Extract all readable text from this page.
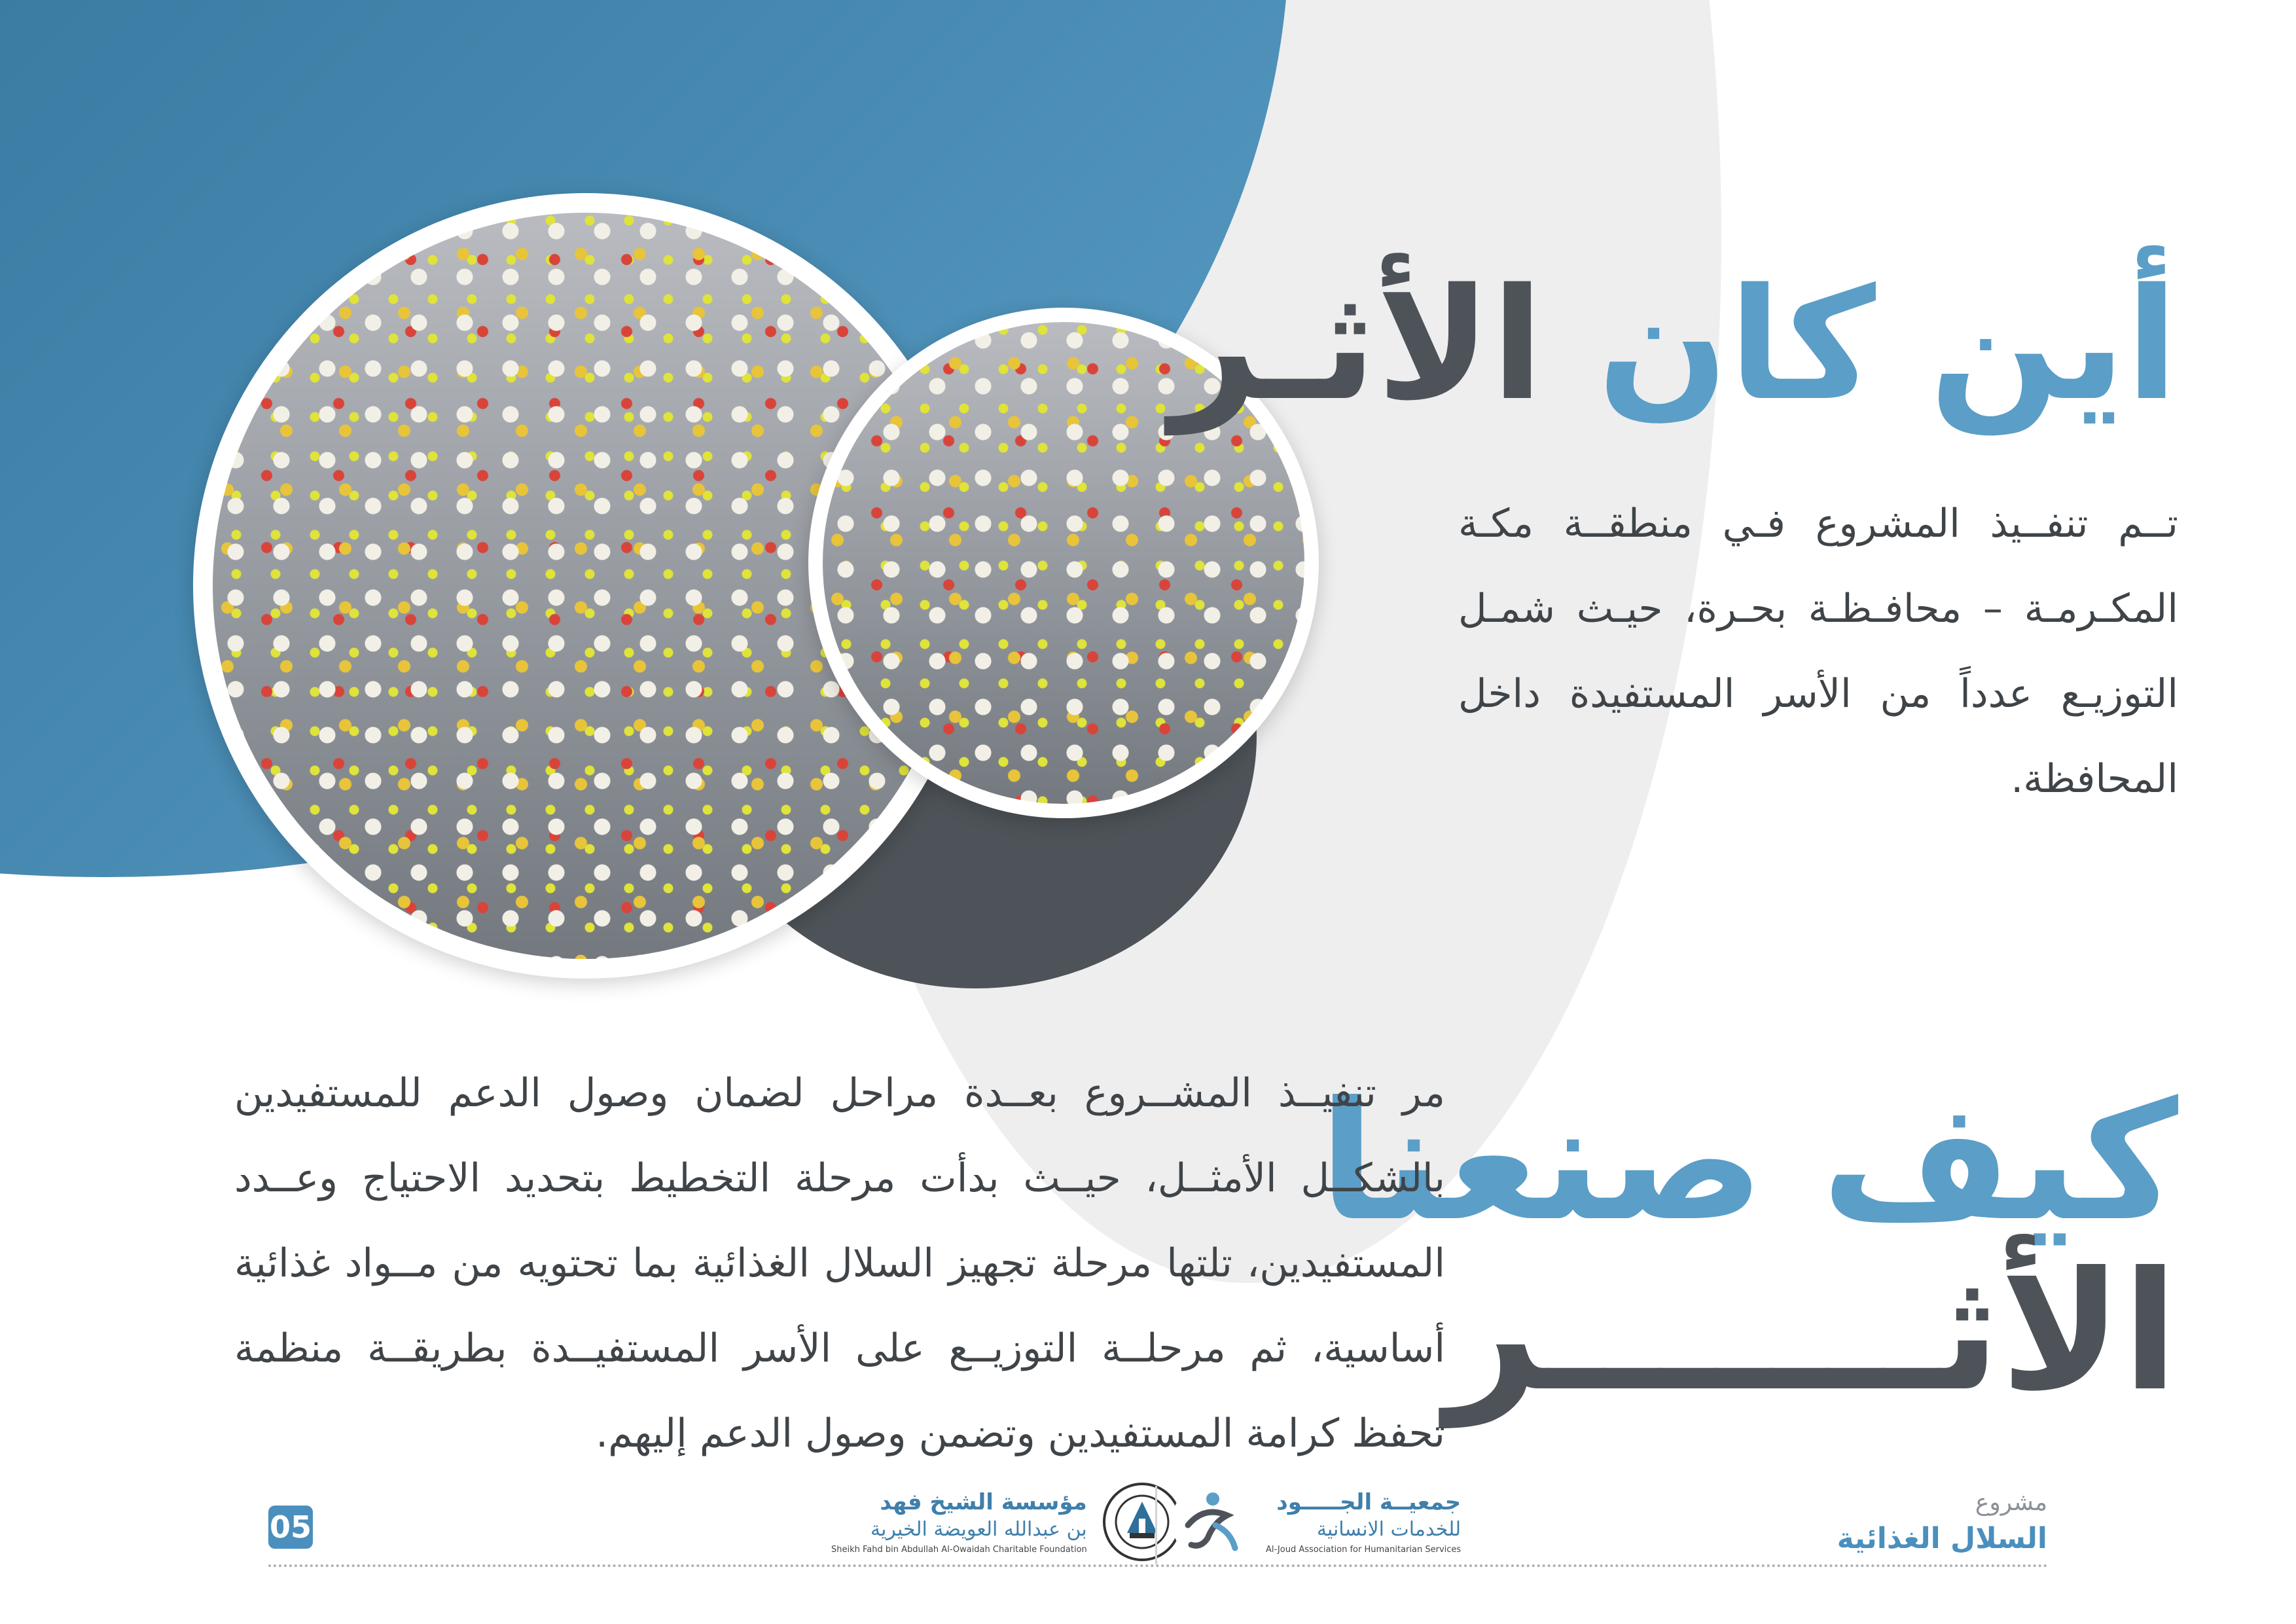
أين كان الأثـر

تــم تنفــيذ المشروع فـي منطقــة مكـة المكـرمـة – محافـظـة بحـرة، حيـث شمـل التوزيـع عدداً من الأسر المستفيدة داخل المحافظة.

كيف صنعنا
الأثـــــــر

مر تنفيــذ المشــروع بعــدة مراحل لضمان وصول الدعم للمستفيدين بالشكــل الأمثــل، حيــث بدأت مرحلة التخطيط بتحديد الاحتياج وعــدد المستفيدين، تلتها مرحلة تجهيز السلال الغذائية بما تحتويه من مــواد غذائية أساسية، ثم مرحلــة التوزيــع على الأسر المستفيــدة بطريقــة منظمة تحفظ كرامة المستفيدين وتضمن وصول الدعم إليهم.

05

مؤسسة الشيخ فهد

بن عبدالله العويضة الخيرية

Sheikh Fahd bin Abdullah Al-Owaidah Charitable Foundation

جمعيــة الجـــــود

للخدمات الانسانية

Al-Joud Association for Humanitarian Services

مشروع

السلال الغذائية
